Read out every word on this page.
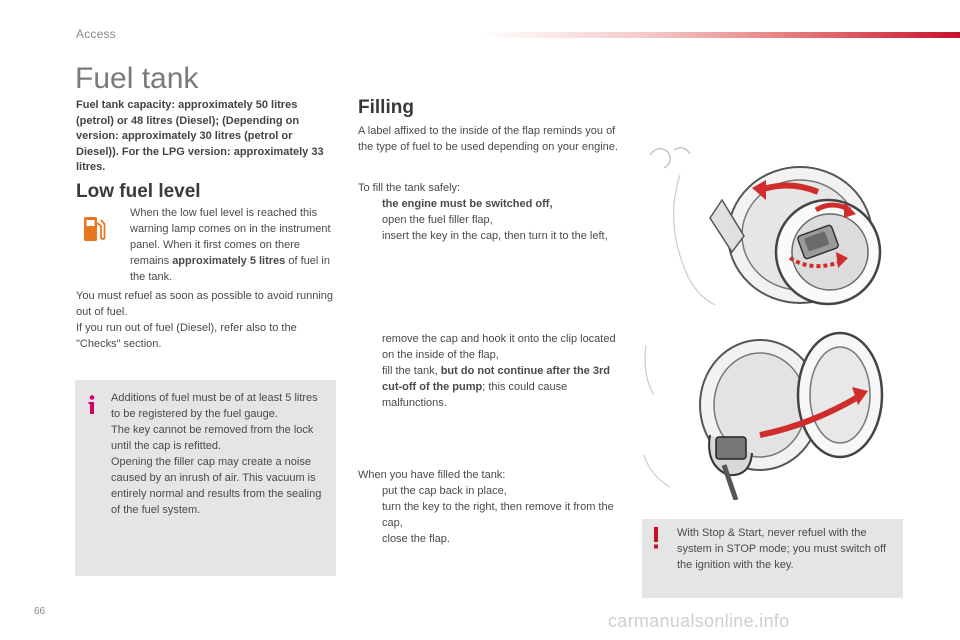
Access
Fuel tank

Fuel tank capacity: approximately 50 litres (petrol) or 48 litres (Diesel); (Depending on version: approximately 30 litres (petrol or Diesel)). For the LPG version: approximately 33 litres.

Low fuel level

When the low fuel level is reached this warning lamp comes on in the instrument panel. When it first comes on there remains approximately 5 litres of fuel in the tank.

You must refuel as soon as possible to avoid running out of fuel.

If you run out of fuel (Diesel), refer also to the "Checks" section.

Additions of fuel must be of at least 5 litres to be registered by the fuel gauge.

The key cannot be removed from the lock until the cap is refitted.

Opening the filler cap may create a noise caused by an inrush of air. This vacuum is entirely normal and results from the sealing of the fuel system.

Filling

A label affixed to the inside of the flap reminds you of the type of fuel to be used depending on your engine.

To fill the tank safely:

the engine must be switched off,
open the fuel filler flap,
insert the key in the cap, then turn it to the left,
remove the cap and hook it onto the clip located on the inside of the flap,
fill the tank, but do not continue after the 3rd cut-off of the pump; this could cause malfunctions.

When you have filled the tank:

put the cap back in place,
turn the key to the right, then remove it from the cap,
close the flap.	With Stop & Start, never refuel with the system in STOP mode; you must switch off the ignition with the key.

66	carmanualsonline.info
